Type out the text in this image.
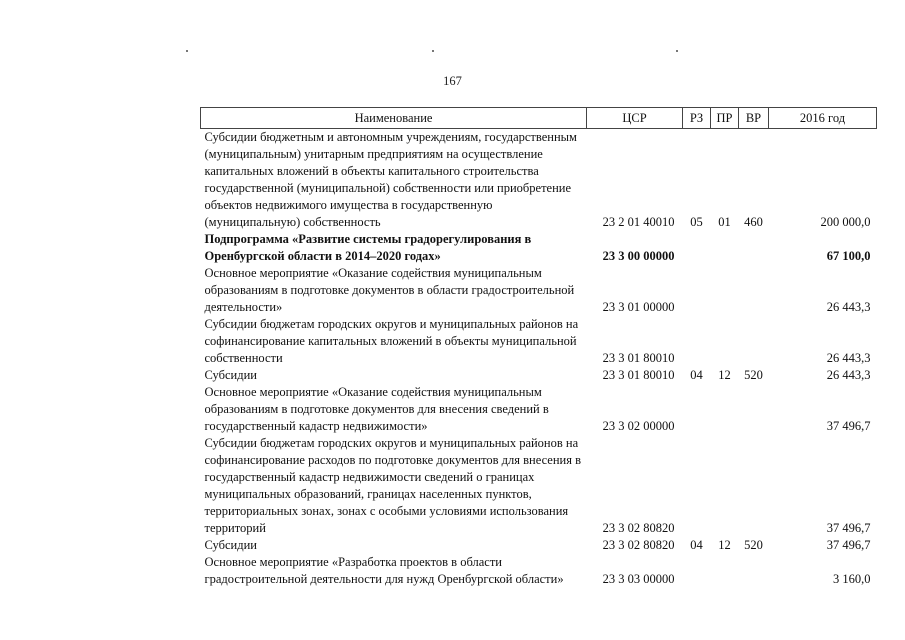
167
Наименование	ЦСР	РЗ	ПР	ВР	2016 год
Субсидии бюджетным и автономным учреждениям, государственным (муниципальным) унитарным предприятиям на осуществление капитальных вложений в объекты капитального строительства государственной (муниципальной) собственности или приобретение объектов недвижимого имущества в государственную (муниципальную) собственность	23 2 01 40010	05	01	460	200 000,0
Подпрограмма «Развитие системы градорегулирования в Оренбургской области в 2014–2020 годах»	23 3 00 00000				67 100,0
Основное мероприятие «Оказание содействия муниципальным образованиям в подготовке документов в области градостроительной деятельности»	23 3 01 00000				26 443,3
Субсидии бюджетам городских округов и муниципальных районов на софинансирование капитальных вложений в объекты муниципальной собственности	23 3 01 80010				26 443,3
Субсидии	23 3 01 80010	04	12	520	26 443,3
Основное мероприятие «Оказание содействия муниципальным образованиям в подготовке документов для внесения сведений в государственный кадастр недвижимости»	23 3 02 00000				37 496,7
Субсидии бюджетам городских округов и муниципальных районов на софинансирование расходов по подготовке документов для внесения в государственный кадастр недвижимости сведений о границах муниципальных образований, границах населенных пунктов, территориальных зонах, зонах с особыми условиями использования территорий	23 3 02 80820				37 496,7
Субсидии	23 3 02 80820	04	12	520	37 496,7
Основное мероприятие «Разработка проектов в области градостроительной деятельности для нужд Оренбургской области»	23 3 03 00000				3 160,0
